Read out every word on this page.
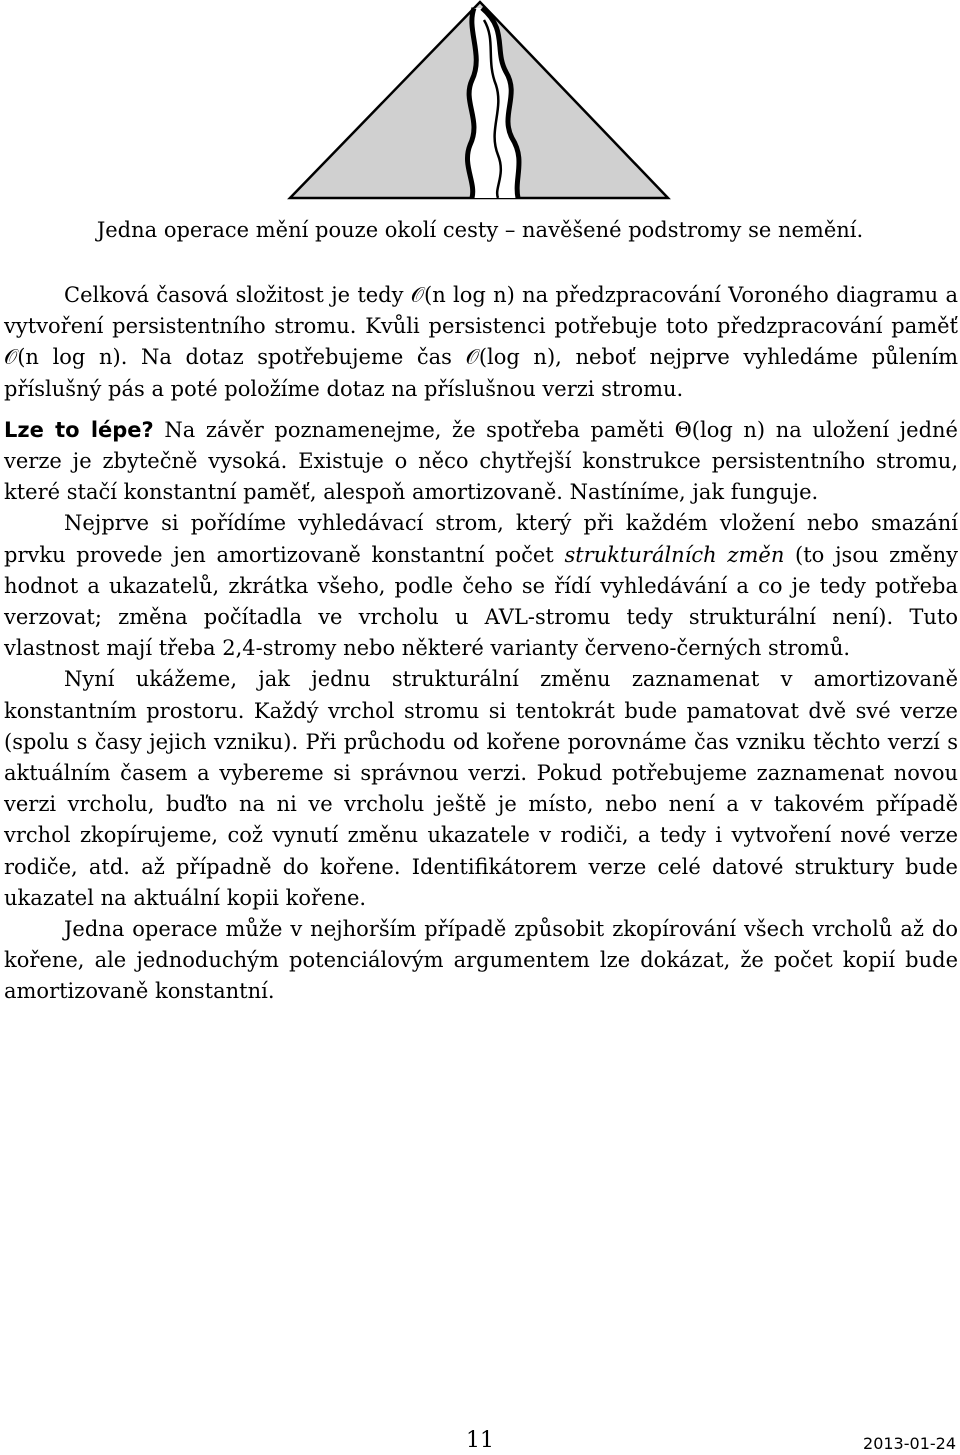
Jedna operace mění pouze okolí cesty – navěšené podstromy se nemění.

Celková časová složitost je tedy 𝒪(n log n) na předzpracování Voroného diagramu a vytvoření persistentního stromu. Kvůli persistenci potřebuje toto předzpracování paměť 𝒪(n log n). Na dotaz spotřebujeme čas 𝒪(log n), neboť nejprve vyhledáme půlením příslušný pás a poté položíme dotaz na příslušnou verzi stromu.

Lze to lépe? Na závěr poznamenejme, že spotřeba paměti Θ(log n) na uložení jedné verze je zbytečně vysoká. Existuje o něco chytřejší konstrukce persistentního stromu, které stačí konstantní paměť, alespoň amortizovaně. Nastíníme, jak funguje.

Nejprve si pořídíme vyhledávací strom, který při každém vložení nebo smazání prvku provede jen amortizovaně konstantní počet strukturálních změn (to jsou změny hodnot a ukazatelů, zkrátka všeho, podle čeho se řídí vyhledávání a co je tedy potřeba verzovat; změna počítadla ve vrcholu u AVL-stromu tedy strukturální není). Tuto vlastnost mají třeba 2,4-stromy nebo některé varianty červeno-černých stromů.

Nyní ukážeme, jak jednu strukturální změnu zaznamenat v amortizovaně konstantním prostoru. Každý vrchol stromu si tentokrát bude pamatovat dvě své verze (spolu s časy jejich vzniku). Při průchodu od kořene porovnáme čas vzniku těchto verzí s aktuálním časem a vybereme si správnou verzi. Pokud potřebujeme zaznamenat novou verzi vrcholu, buďto na ni ve vrcholu ještě je místo, nebo není a v takovém případě vrchol zkopírujeme, což vynutí změnu ukazatele v rodiči, a tedy i vytvoření nové verze rodiče, atd. až případně do kořene. Identifikátorem verze celé datové struktury bude ukazatel na aktuální kopii kořene.

Jedna operace může v nejhorším případě způsobit zkopírování všech vrcholů až do kořene, ale jednoduchým potenciálovým argumentem lze dokázat, že počet kopií bude amortizovaně konstantní.

11	2013-01-24
